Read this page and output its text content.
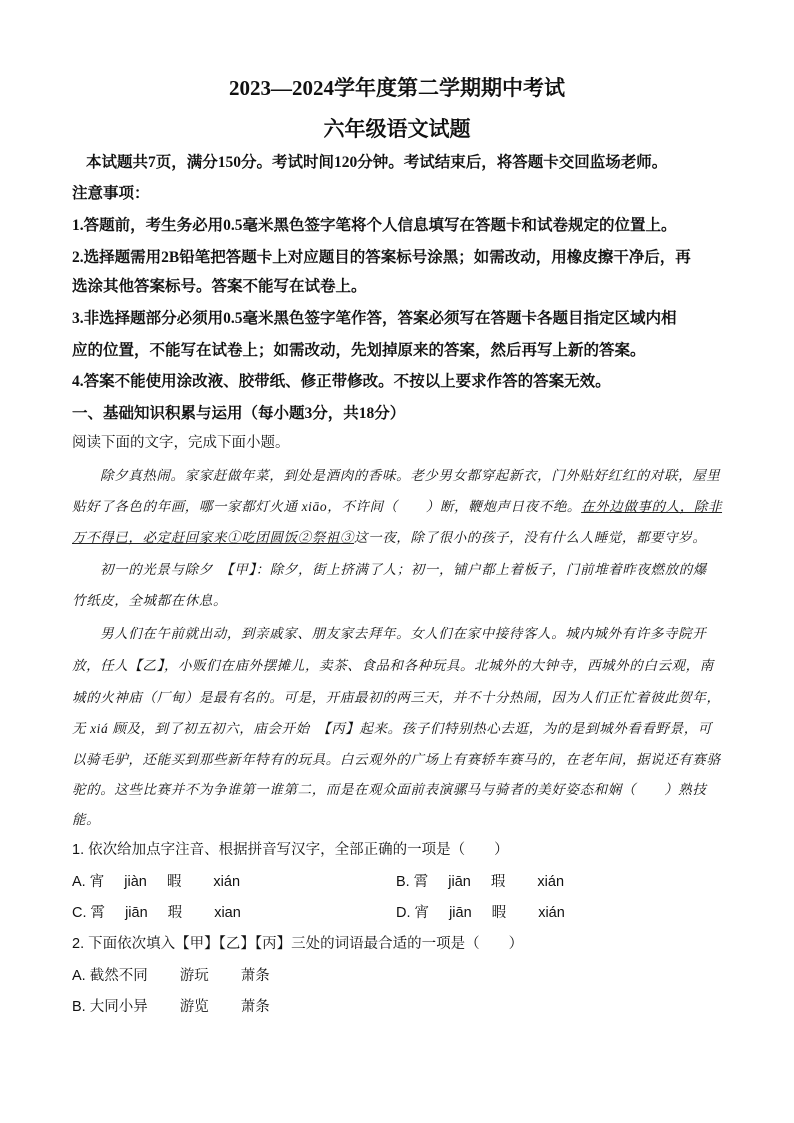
2023—2024学年度第二学期期中考试
六年级语文试题
本试题共7页，满分150分。考试时间120分钟。考试结束后，将答题卡交回监场老师。
注意事项：
1.答题前，考生务必用0.5毫米黑色签字笔将个人信息填写在答题卡和试卷规定的位置上。
2.选择题需用2B铅笔把答题卡上对应题目的答案标号涂黑；如需改动，用橡皮擦干净后，再
选涂其他答案标号。答案不能写在试卷上。
3.非选择题部分必须用0.5毫米黑色签字笔作答，答案必须写在答题卡各题目指定区域内相
应的位置，不能写在试卷上；如需改动，先划掉原来的答案，然后再写上新的答案。
4.答案不能使用涂改液、胶带纸、修正带修改。不按以上要求作答的答案无效。
一、基础知识积累与运用（每小题3分，共18分）
阅读下面的文字，完成下面小题。
除夕真热闹。家家赶做年菜，到处是酒肉的香味。老少男女都穿起新衣，门外贴好红红的对联，屋里
贴好了各色的年画，哪一家都灯火通 xiāo，不许间（　　）断，鞭炮声日夜不绝。在外边做事的人，除非
万不得已，必定赶回家来①吃团圆饭②祭祖③这一夜，除了很小的孩子，没有什么人睡觉，都要守岁。
初一的光景与除夕　【甲】：除夕，街上挤满了人；初一，铺户都上着板子，门前堆着昨夜燃放的爆
竹纸皮，全城都在休息。
男人们在午前就出动，到亲戚家、朋友家去拜年。女人们在家中接待客人。城内城外有许多寺院开
放，任人【乙】，小贩们在庙外摆摊儿，卖茶、食品和各种玩具。北城外的大钟寺，西城外的白云观，南
城的火神庙（厂甸）是最有名的。可是，开庙最初的两三天，并不十分热闹，因为人们正忙着彼此贺年，
无 xiá 顾及，到了初五初六，庙会开始　【丙】起来。孩子们特别热心去逛，为的是到城外看看野景，可
以骑毛驴，还能买到那些新年特有的玩具。白云观外的广场上有赛轿车赛马的，在老年间，据说还有赛骆
驼的。这些比赛并不为争谁第一谁第二，而是在观众面前表演骡马与骑者的美好姿态和娴（　　）熟技
能。
1. 依次给加点字注音、根据拼音写汉字，全部正确的一项是（　　）
A. 宵 jiàn 暇 xián	B. 霄 jiān 瑕 xián
C. 霄 jiān 瑕 xian	D. 宵 jiān 暇 xián
2. 下面依次填入【甲】【乙】【丙】三处的词语最合适的一项是（　　）
A. 截然不同 游玩 萧条
B. 大同小异 游览 萧条
